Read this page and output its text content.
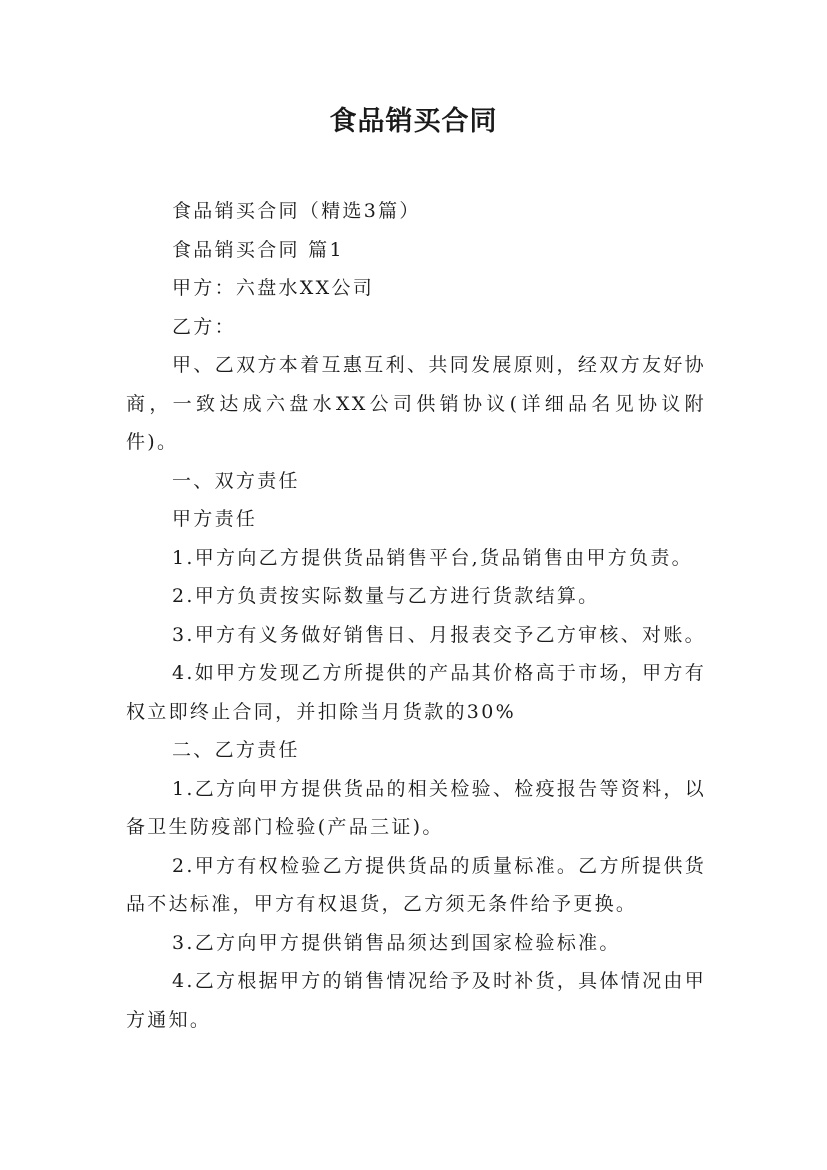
食品销买合同

食品销买合同（精选3篇）

食品销买合同 篇1

甲方：六盘水XX公司

乙方：

甲、乙双方本着互惠互利、共同发展原则，经双方友好协商，一致达成六盘水XX公司供销协议(详细品名见协议附件)。

一、双方责任

甲方责任

1.甲方向乙方提供货品销售平台,货品销售由甲方负责。

2.甲方负责按实际数量与乙方进行货款结算。

3.甲方有义务做好销售日、月报表交予乙方审核、对账。

4.如甲方发现乙方所提供的产品其价格高于市场，甲方有权立即终止合同，并扣除当月货款的30%

二、乙方责任

1.乙方向甲方提供货品的相关检验、检疫报告等资料，以备卫生防疫部门检验(产品三证)。

2.甲方有权检验乙方提供货品的质量标准。乙方所提供货品不达标准，甲方有权退货，乙方须无条件给予更换。

3.乙方向甲方提供销售品须达到国家检验标准。

4.乙方根据甲方的销售情况给予及时补货，具体情况由甲方通知。
